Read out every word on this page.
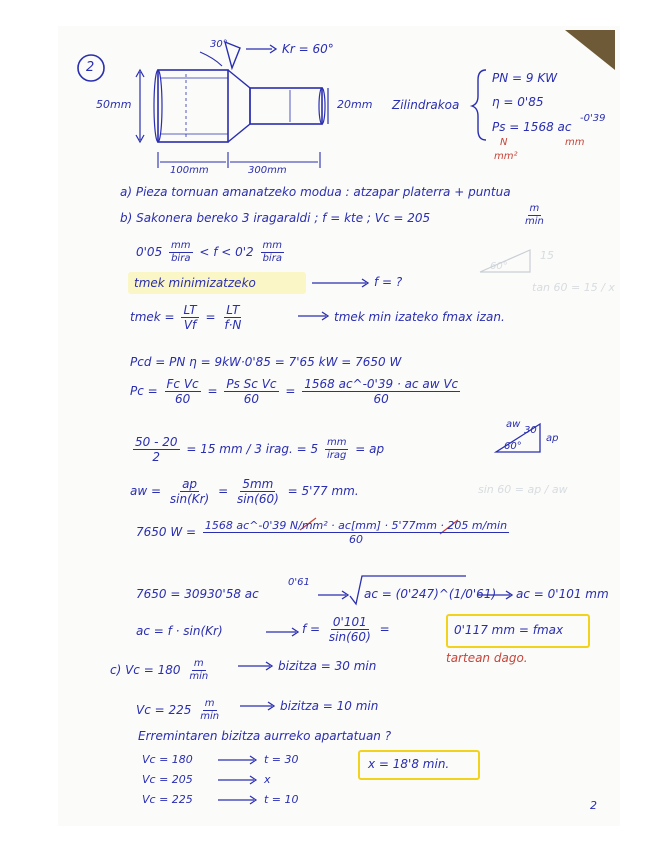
2
30°	Kr = 60°
50mm	20mm
100mm	300mm
Zilindrakoa
PN = 9 KW
η = 0'85
Ps = 1568 ac
-0'39
N
mm²
mm
a) Pieza tornuan amanatzeko modua : atzapar platerra + puntua
b) Sakonera bereko 3 iragaraldi ; f = kte ; Vc = 205	$\frac{m}{\min}$
$0'05 \frac{mm}{\text{bira}} < f < 0'2 \frac{mm}{\text{bira}}$	15
tan 60 = 15 / x
60°
tmek minimizatzeko	f = ?
tmek = $\frac{LT}{Vf} = \frac{LT}{f\cdot N}$	tmek min izateko fmax izan.
Pcd = PN η = 9kW·0'85 = 7'65 kW = 7650 W
$Pc = \frac{\text{Fc Vc}}{60} = \frac{\text{Ps Sc Vc}}{60} = \frac{\text{1568 ac\textasciicircum{}-0'39 · ac aw Vc}}{60}$
$\frac{50 - 20}{2} = 15$ mm / 3 irag. = $5 \frac{mm}{\text{irag}}$ = ap
aw
ap
30
60°
sin 60 = ap / aw
aw = $\frac{ap}{\sin(Kr)} = \frac{5mm}{\sin(60)} = 5'77$ mm.
7650 $W = \frac{\text{1568 ac\textasciicircum{}-0'39 N/mm² · ac[mm] · 5'77mm · 205 m/min}}{60}$
7650 = 30930'58 ac
0'61
ac = (0'247)^(1/0'61) ac = 0'101 mm
ac = f · sin(Kr)	$f = \frac{0'101}{\sin(60)}$ =	0'117 mm = fmax
tartean dago.
c) $Vc = 180 \frac{m}{\min}$	bizitza = 30 min
$Vc = 225 \frac{m}{\min}$	bizitza = 10 min
Erremintaren bizitza aurreko apartatuan ?
Vc = 180	t = 30
Vc = 205	x
Vc = 225	t = 10
x = 18'8 min.
2
